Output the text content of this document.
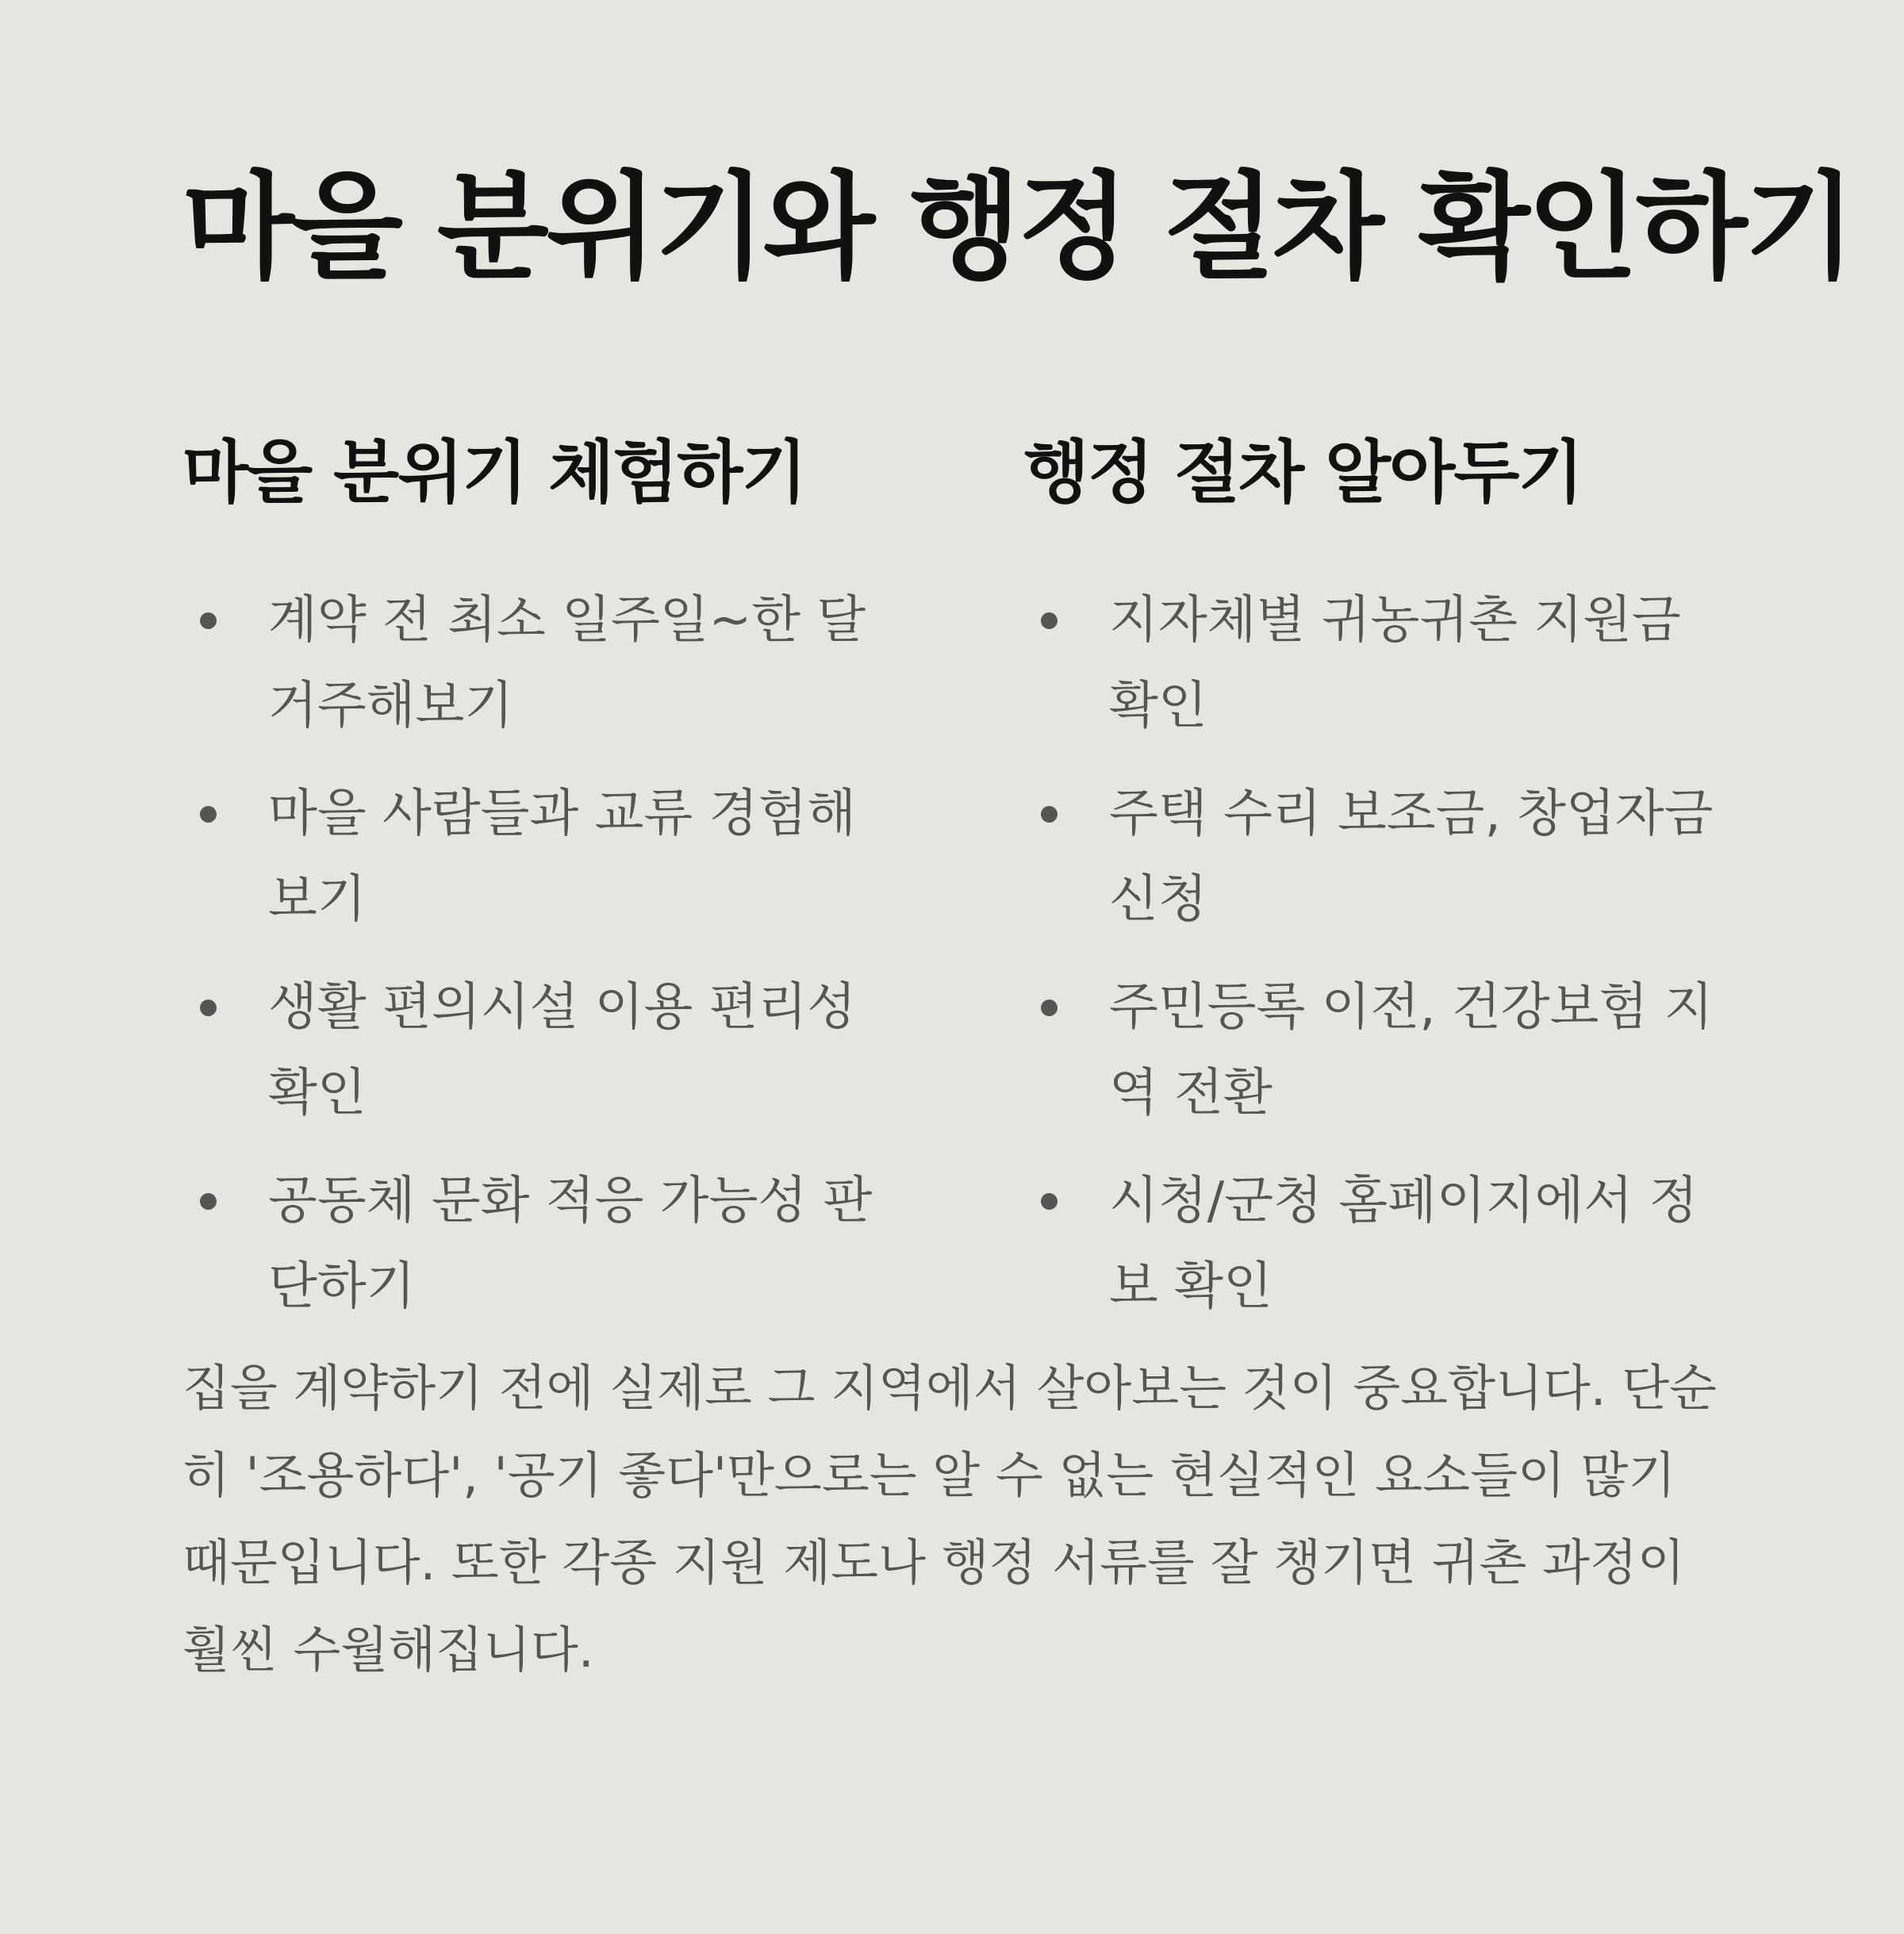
마을 분위기와 행정 절차 확인하기
마을 분위기 체험하기
계약 전 최소 일주일~한 달 거주해보기
마을 사람들과 교류 경험해보기
생활 편의시설 이용 편리성 확인
공동체 문화 적응 가능성 판단하기
행정 절차 알아두기
지자체별 귀농귀촌 지원금 확인
주택 수리 보조금, 창업자금 신청
주민등록 이전, 건강보험 지역 전환
시청/군청 홈페이지에서 정보 확인

집을 계약하기 전에 실제로 그 지역에서 살아보는 것이 중요합니다. 단순히 '조용하다', '공기 좋다'만으로는 알 수 없는 현실적인 요소들이 많기 때문입니다. 또한 각종 지원 제도나 행정 서류를 잘 챙기면 귀촌 과정이 훨씬 수월해집니다.
